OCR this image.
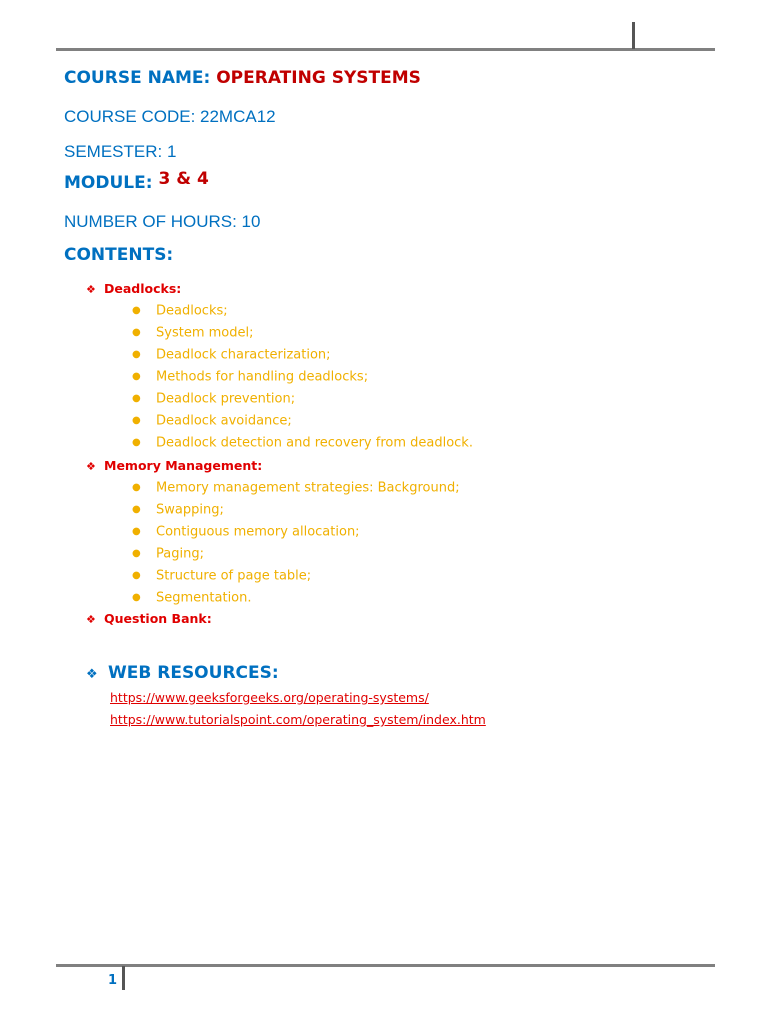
COURSE NAME: OPERATING SYSTEMS
COURSE CODE: 22MCA12
SEMESTER: 1
MODULE: 3 & 4
NUMBER OF HOURS: 10
CONTENTS:
❖ Deadlocks:
● Deadlocks;
● System model;
● Deadlock characterization;
● Methods for handling deadlocks;
● Deadlock prevention;
● Deadlock avoidance;
● Deadlock detection and recovery from deadlock.
❖ Memory Management:
● Memory management strategies: Background;
● Swapping;
● Contiguous memory allocation;
● Paging;
● Structure of page table;
● Segmentation.
❖ Question Bank:
❖ WEB RESOURCES:
https://www.geeksforgeeks.org/operating-systems/
https://www.tutorialspoint.com/operating_system/index.htm
1
